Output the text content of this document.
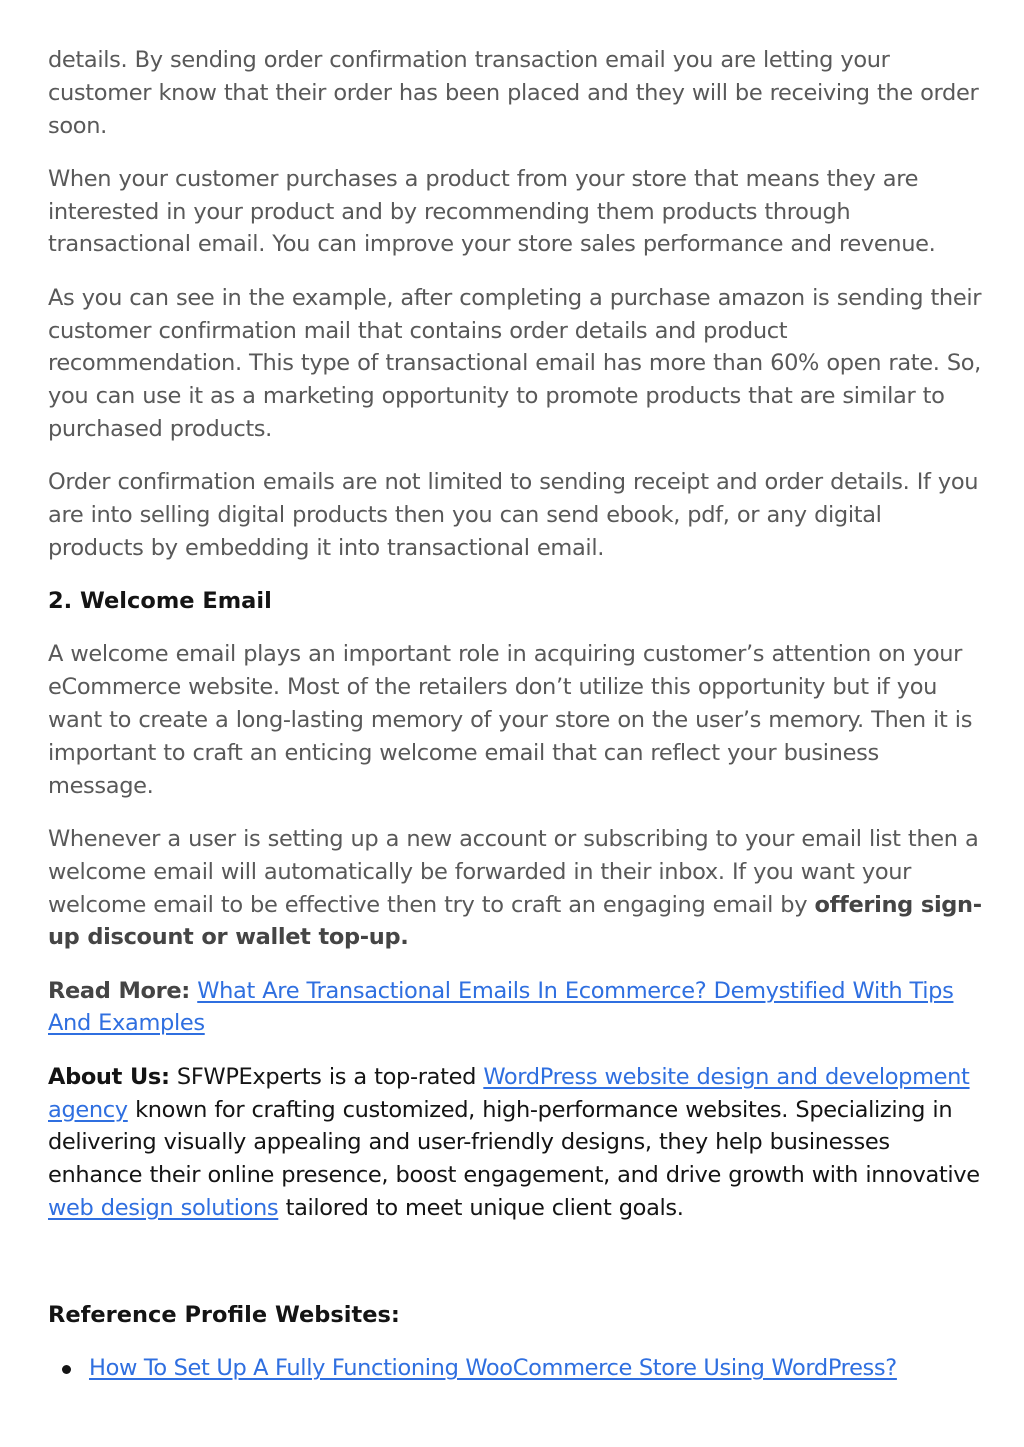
details. By sending order confirmation transaction email you are letting your customer know that their order has been placed and they will be receiving the order soon.

When your customer purchases a product from your store that means they are interested in your product and by recommending them products through transactional email. You can improve your store sales performance and revenue.

As you can see in the example, after completing a purchase amazon is sending their customer confirmation mail that contains order details and product recommendation. This type of transactional email has more than 60% open rate. So, you can use it as a marketing opportunity to promote products that are similar to purchased products.

Order confirmation emails are not limited to sending receipt and order details. If you are into selling digital products then you can send ebook, pdf, or any digital products by embedding it into transactional email.

2. Welcome Email

A welcome email plays an important role in acquiring customer’s attention on your eCommerce website. Most of the retailers don’t utilize this opportunity but if you want to create a long-lasting memory of your store on the user’s memory. Then it is important to craft an enticing welcome email that can reflect your business message.

Whenever a user is setting up a new account or subscribing to your email list then a welcome email will automatically be forwarded in their inbox. If you want your welcome email to be effective then try to craft an engaging email by offering sign-up discount or wallet top-up.

Read More: What Are Transactional Emails In Ecommerce? Demystified With Tips And Examples

About Us: SFWPExperts is a top-rated WordPress website design and development agency known for crafting customized, high-performance websites. Specializing in delivering visually appealing and user-friendly designs, they help businesses enhance their online presence, boost engagement, and drive growth with innovative web design solutions tailored to meet unique client goals.

Reference Profile Websites:
How To Set Up A Fully Functioning WooCommerce Store Using WordPress?
